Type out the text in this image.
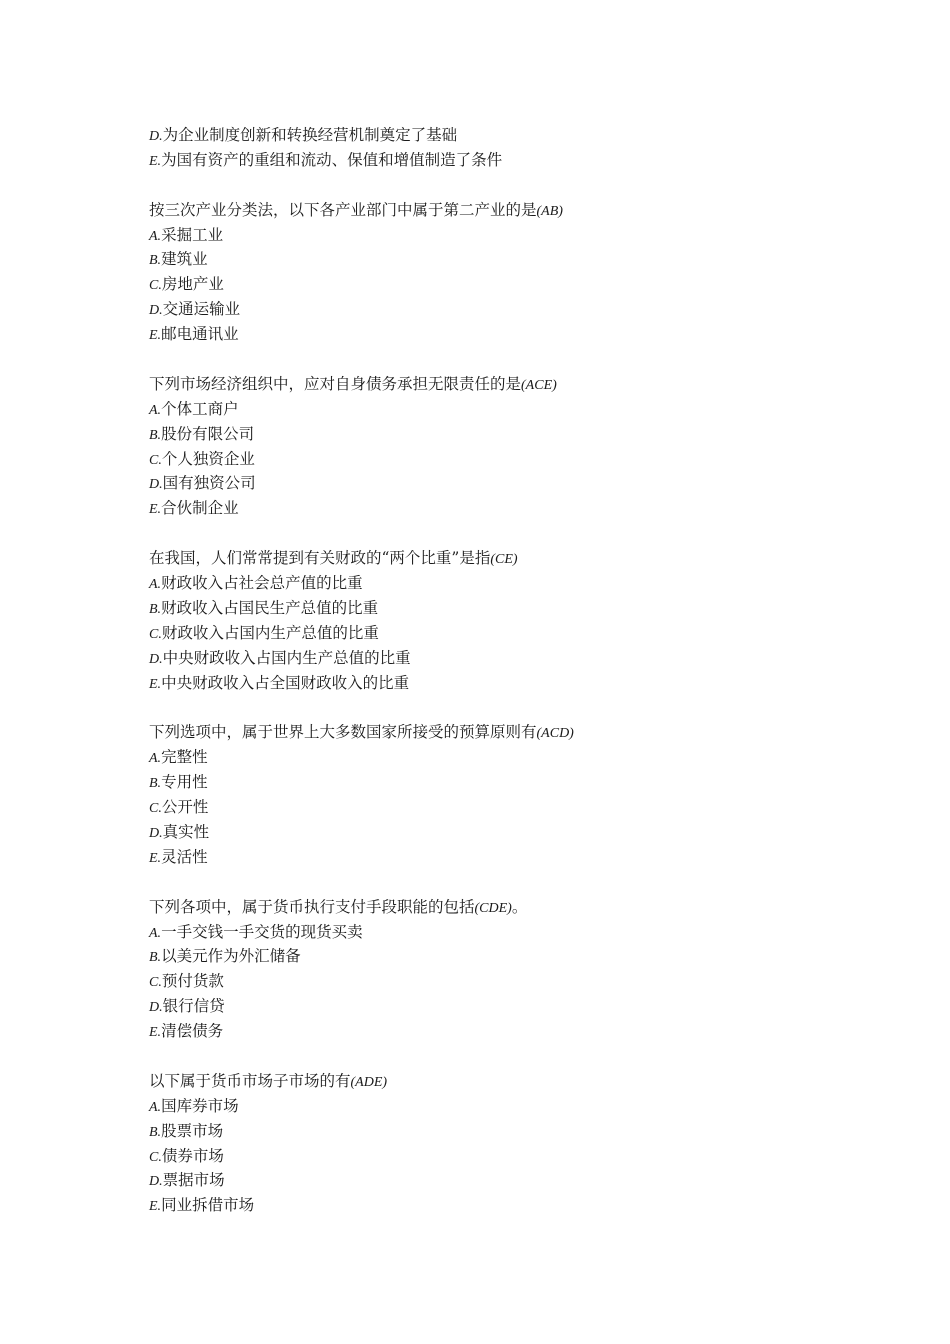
D.为企业制度创新和转换经营机制奠定了基础
E.为国有资产的重组和流动、保值和增值制造了条件
按三次产业分类法，以下各产业部门中属于第二产业的是(AB)
A.采掘工业
B.建筑业
C.房地产业
D.交通运输业
E.邮电通讯业
下列市场经济组织中，应对自身债务承担无限责任的是(ACE)
A.个体工商户
B.股份有限公司
C.个人独资企业
D.国有独资公司
E.合伙制企业
在我国，人们常常提到有关财政的“两个比重”是指(CE)
A.财政收入占社会总产值的比重
B.财政收入占国民生产总值的比重
C.财政收入占国内生产总值的比重
D.中央财政收入占国内生产总值的比重
E.中央财政收入占全国财政收入的比重
下列选项中，属于世界上大多数国家所接受的预算原则有(ACD)
A.完整性
B.专用性
C.公开性
D.真实性
E.灵活性
下列各项中，属于货币执行支付手段职能的包括(CDE)。
A.一手交钱一手交货的现货买卖
B.以美元作为外汇储备
C.预付货款
D.银行信贷
E.清偿债务
以下属于货币市场子市场的有(ADE)
A.国库券市场
B.股票市场
C.债券市场
D.票据市场
E.同业拆借市场
